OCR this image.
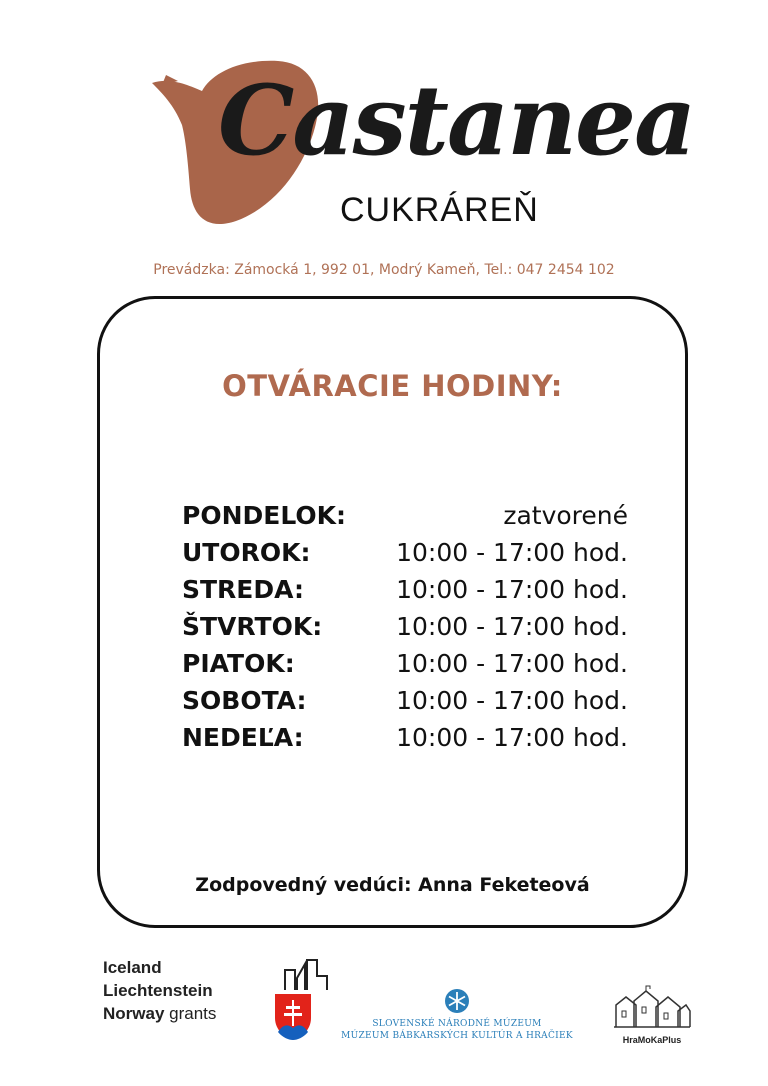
Castanea
CUKRÁREŇ
Prevádzka: Zámocká 1, 992 01, Modrý Kameň, Tel.: 047 2454 102
OTVÁRACIE HODINY:
PONDELOK:	zatvorené
UTOROK:	10:00 - 17:00 hod.
STREDA:	10:00 - 17:00 hod.
ŠTVRTOK:	10:00 - 17:00 hod.
PIATOK:	10:00 - 17:00 hod.
SOBOTA:	10:00 - 17:00 hod.
NEDEĽA:	10:00 - 17:00 hod.
Zodpovedný vedúci: Anna Feketeová
Iceland
Liechtenstein
Norway grants
SLOVENSKÉ NÁRODNÉ MÚZEUM
MÚZEUM BÁBKARSKÝCH KULTÚR A HRAČIEK	HraMoKaPlus
